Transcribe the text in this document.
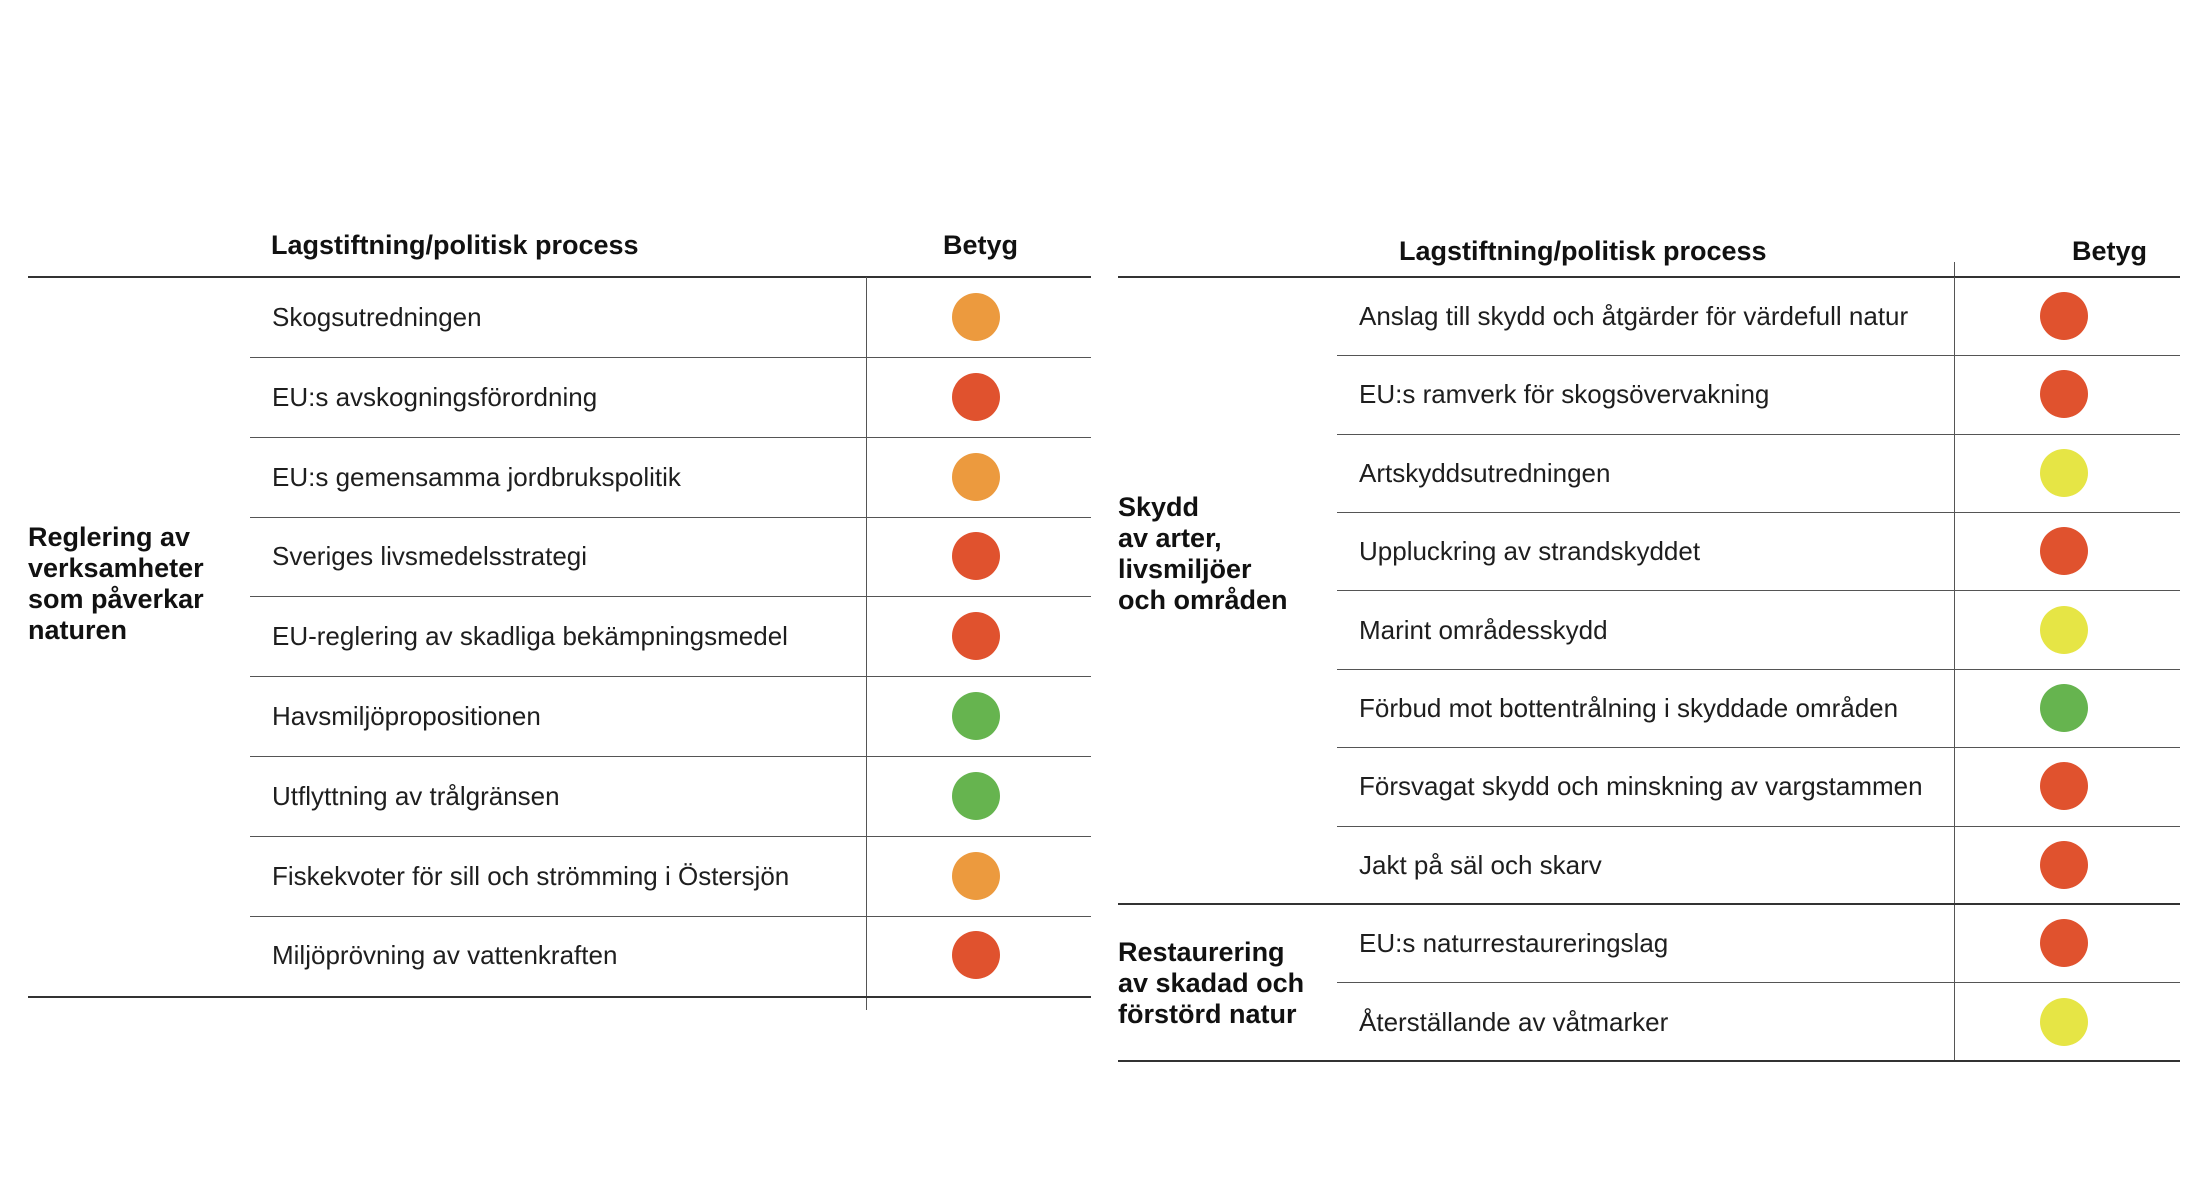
Lagstiftning/politisk process	Betyg
Reglering av
verksamheter
som påverkar
naturen
Skogsutredningen
EU:s avskogningsförordning
EU:s gemensamma jordbrukspolitik
Sveriges livsmedelsstrategi
EU-reglering av skadliga bekämpningsmedel
Havsmiljöpropositionen
Utflyttning av trålgränsen
Fiskekvoter för sill och strömming i Östersjön
Miljöprövning av vattenkraften
Lagstiftning/politisk process	Betyg
Skydd
av arter,
livsmiljöer
och områden
Restaurering
av skadad och
förstörd natur
Anslag till skydd och åtgärder för värdefull natur
EU:s ramverk för skogsövervakning
Artskyddsutredningen
Uppluckring av strandskyddet
Marint områdesskydd
Förbud mot bottentrålning i skyddade områden
Försvagat skydd och minskning av vargstammen
Jakt på säl och skarv
EU:s naturrestaureringslag
Återställande av våtmarker
